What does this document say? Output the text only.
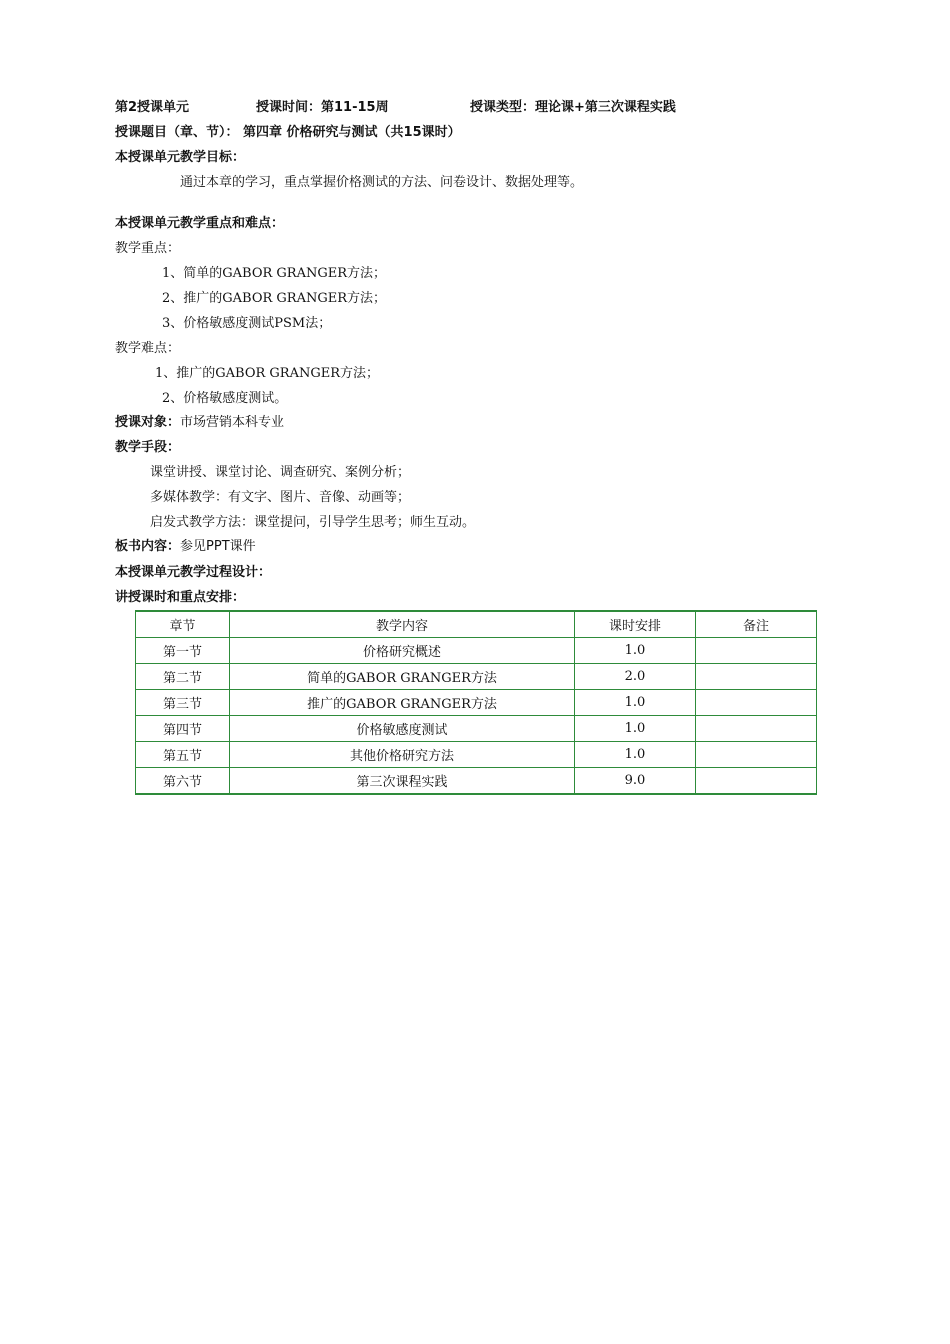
第2授课单元	授课时间：第11-15周	授课类型：理论课+第三次课程实践
授课题目（章、节）： 第四章 价格研究与测试（共15课时）
本授课单元教学目标：
通过本章的学习，重点掌握价格测试的方法、问卷设计、数据处理等。
本授课单元教学重点和难点：
教学重点：
1、简单的GABOR GRANGER方法；
2、推广的GABOR GRANGER方法；
3、价格敏感度测试PSM法；
教学难点：
1、推广的GABOR GRANGER方法；
2、价格敏感度测试。
授课对象：市场营销本科专业
教学手段：
课堂讲授、课堂讨论、调查研究、案例分析；
多媒体教学：有文字、图片、音像、动画等；
启发式教学方法：课堂提问，引导学生思考；师生互动。
板书内容：参见PPT课件
本授课单元教学过程设计：
讲授课时和重点安排：
章节	教学内容	课时安排	备注
第一节	价格研究概述	1.0	
第二节	简单的GABOR GRANGER方法	2.0	
第三节	推广的GABOR GRANGER方法	1.0	
第四节	价格敏感度测试	1.0	
第五节	其他价格研究方法	1.0	
第六节	第三次课程实践	9.0	
